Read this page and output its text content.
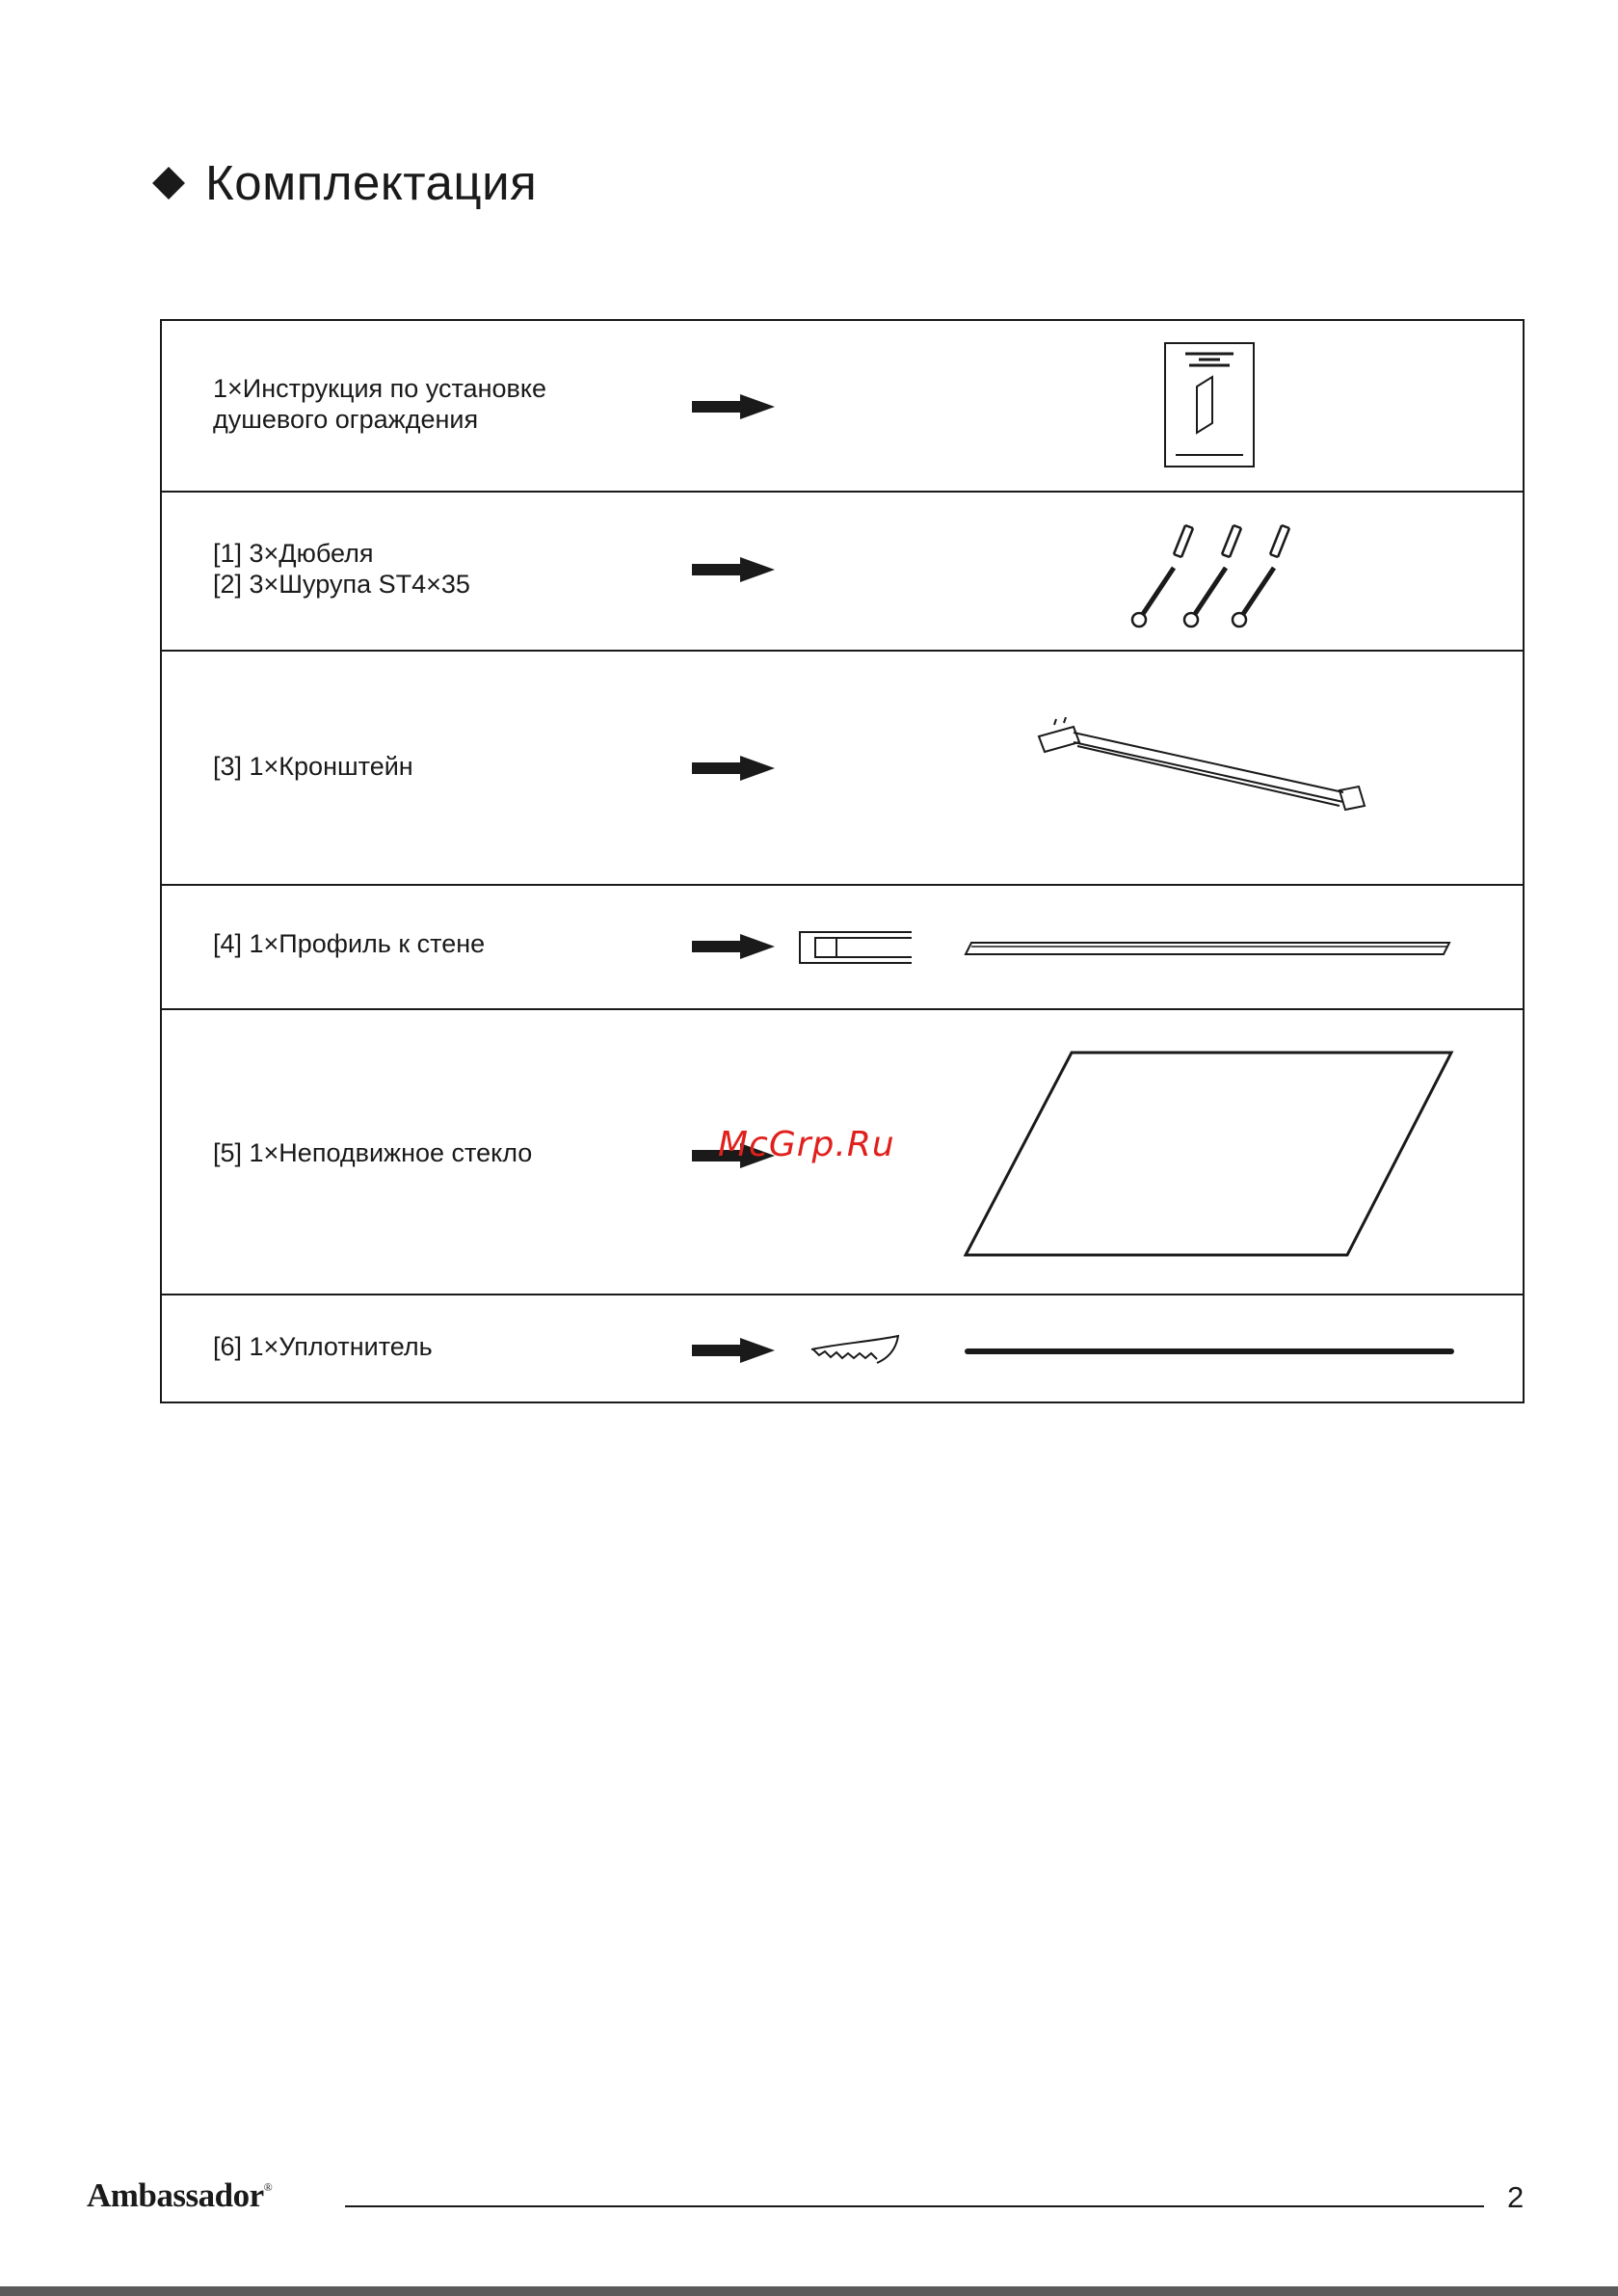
Комплектация
1×Инструкция по установке
душевого ограждения
[1] 3×Дюбеля
[2] 3×Шурупа ST4×35
[3] 1×Кронштейн
[4] 1×Профиль к стене
[5] 1×Неподвижное стекло
[6] 1×Уплотнитель
McGrp.Ru
Ambassador®	2
